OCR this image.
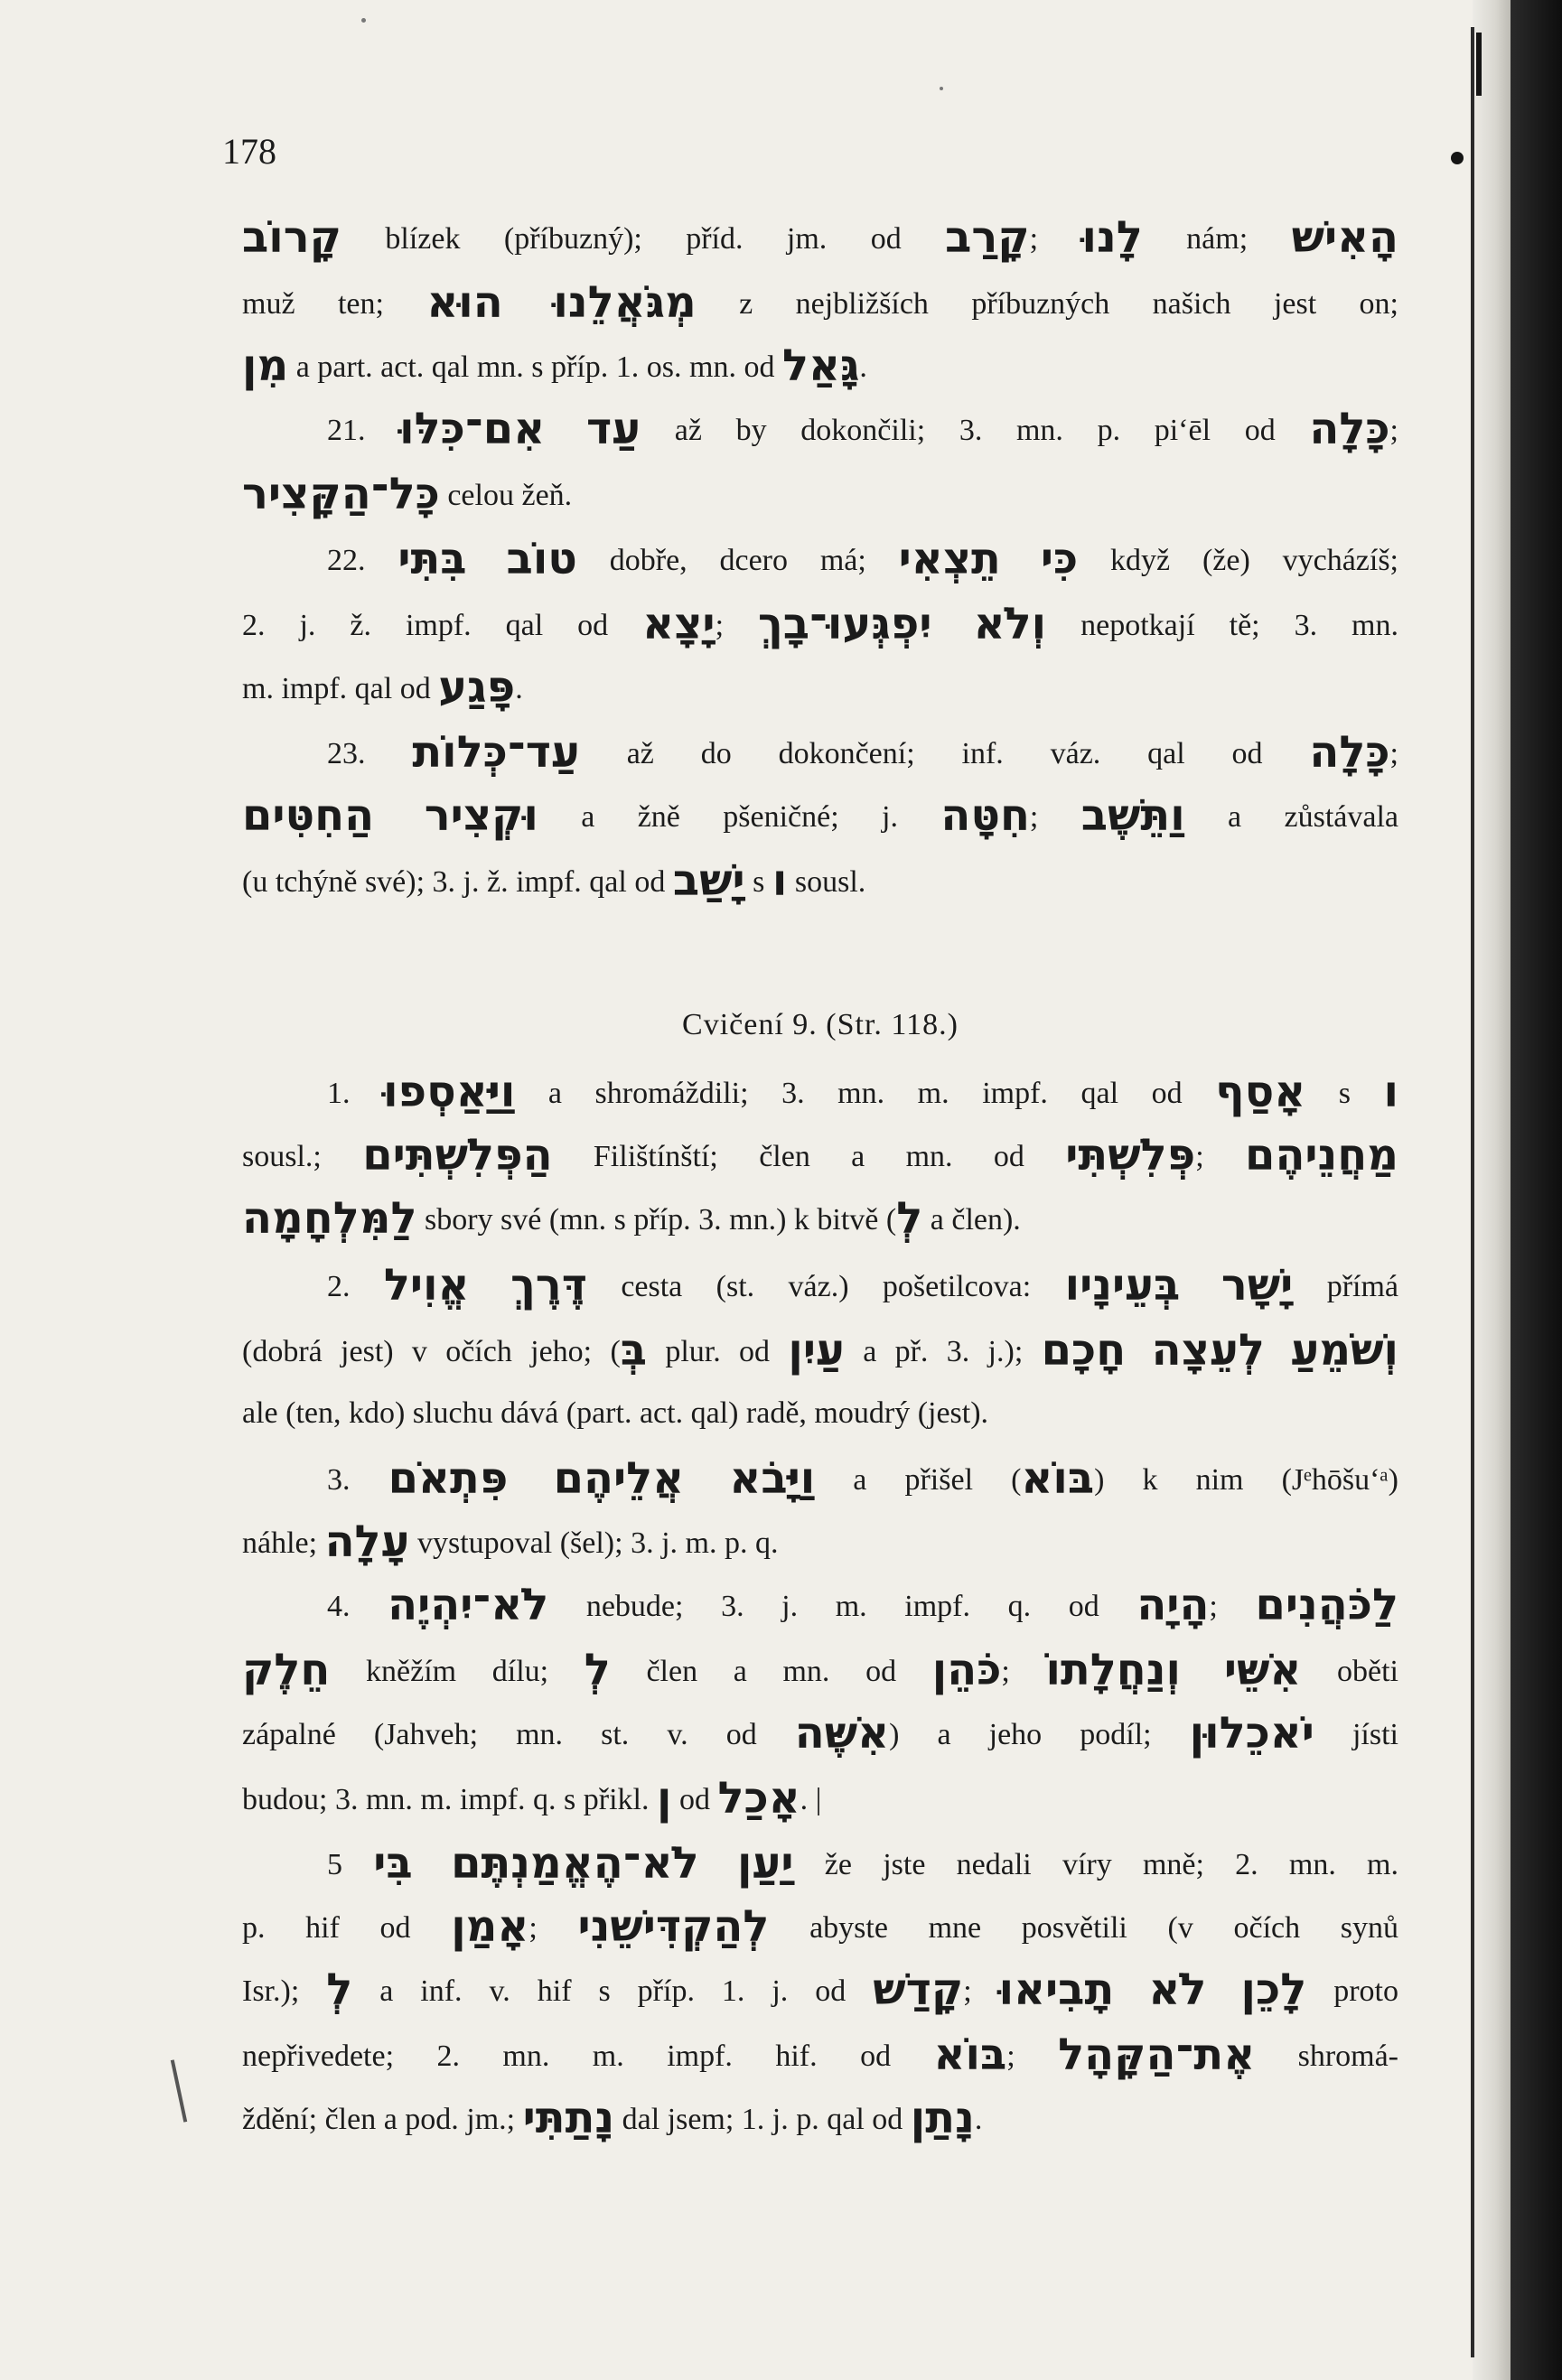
178
קָרוֹב blízek (příbuzný); příd. jm. od קָרַב; לָנוּ nám; הָאִישׁ
muž ten; מְגֹּאֲלֵנוּ הוּא z nejbližších příbuzných našich jest on;
מִן a part. act. qal mn. s příp. 1. os. mn. od גָּאַל.
21. עַד אִם־כִּלּוּ až by dokončili; 3. mn. p. pi‘ēl od כָּלָה;
כָּל־הַקָּצִיר celou žeň.
22. טוֹב בִּתִּי dobře, dcero má; כִּי תֵצְאִי když (že) vycházíš;
2. j. ž. impf. qal od יָצָא; וְלֹא יִפְגְּעוּ־בָךְ nepotkají tě; 3. mn.
m. impf. qal od פָּגַע.
23. עַד־כְּלוֹת až do dokončení; inf. váz. qal od כָּלָה;
וּקְצִיר הַחִטִּים a žně pšeničné; j. חִטָּה; וַתֵּשֶׁב a zůstávala
(u tchýně své); 3. j. ž. impf. qal od יָשַׁב s ו sousl.
Cvičení 9. (Str. 118.)
1. וַיַּאַסְפוּ a shromáždili; 3. mn. m. impf. qal od אָסַף s ו
sousl.; הַפְּלִשְׁתִּים Filištínští; člen a mn. od פְּלִשְׁתִּי; מַחֲנֵיהֶם
לַמִּלְחָמָה sbory své (mn. s příp. 3. mn.) k bitvě (לְ a člen).
2. דֶּרֶךְ אֱוִיל cesta (st. váz.) pošetilcova: יָשָׁר בְּעֵינָיו přímá
(dobrá jest) v očích jeho; (בְּ plur. od עַיִן a př. 3. j.); וְשֹׁמֵעַ לְעֵצָה חָכָם
ale (ten, kdo) sluchu dává (part. act. qal) radě, moudrý (jest).
3. וַיָּבֹא אֲלֵיהֶם פִּתְאֹם a přišel (בּוֹא) k nim (Jᵉhōšu‘ᵃ)
náhle; עָלָה vystupoval (šel); 3. j. m. p. q.
4. לֹא־יִהְיֶה nebude; 3. j. m. impf. q. od הָיָה; לַכֹּהֲנִים
חֵלֶק kněžím dílu; לְ člen a mn. od כֹּהֵן; אִשֵּׁי וְנַחֲלָתוֹ oběti
zápalné (Jahveh; mn. st. v. od אִשֶּׁה) a jeho podíl; יֹאכֵלוּן jísti
budou; 3. mn. m. impf. q. s přikl. ן od אָכַל. |
5 יַעַן לֹא־הֶאֱמַנְתֶּם בִּי že jste nedali víry mně; 2. mn. m.
p. hif od אָמַן; לְהַקְדִּישֵׁנִי abyste mne posvětili (v očích synů
Isr.); לְ a inf. v. hif s příp. 1. j. od קָדַשׁ; לָכֵן לֹא תָבִיאוּ proto
nepřivedete; 2. mn. m. impf. hif. od בּוֹא; אֶת־הַקָּהָל shromá-
ždění; člen a pod. jm.; נָתַתִּי dal jsem; 1. j. p. qal od נָתַן.
